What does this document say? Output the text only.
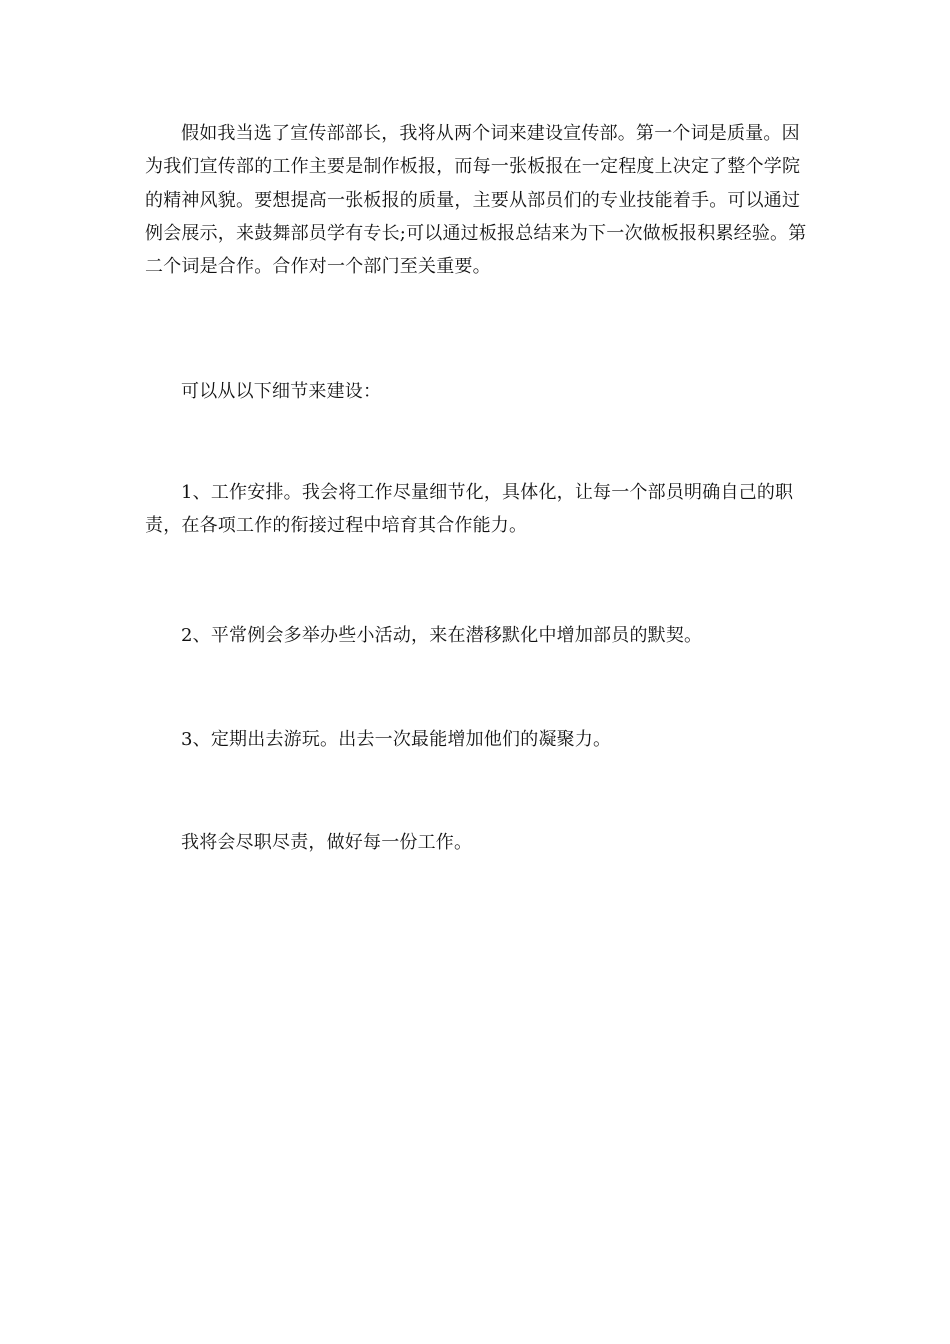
假如我当选了宣传部部长，我将从两个词来建设宣传部。第一个词是质量。因为我们宣传部的工作主要是制作板报，而每一张板报在一定程度上决定了整个学院的精神风貌。要想提高一张板报的质量，主要从部员们的专业技能着手。可以通过例会展示，来鼓舞部员学有专长;可以通过板报总结来为下一次做板报积累经验。第二个词是合作。合作对一个部门至关重要。

可以从以下细节来建设：

1、工作安排。我会将工作尽量细节化，具体化，让每一个部员明确自己的职责，在各项工作的衔接过程中培育其合作能力。

2、平常例会多举办些小活动，来在潜移默化中增加部员的默契。

3、定期出去游玩。出去一次最能增加他们的凝聚力。

我将会尽职尽责，做好每一份工作。
